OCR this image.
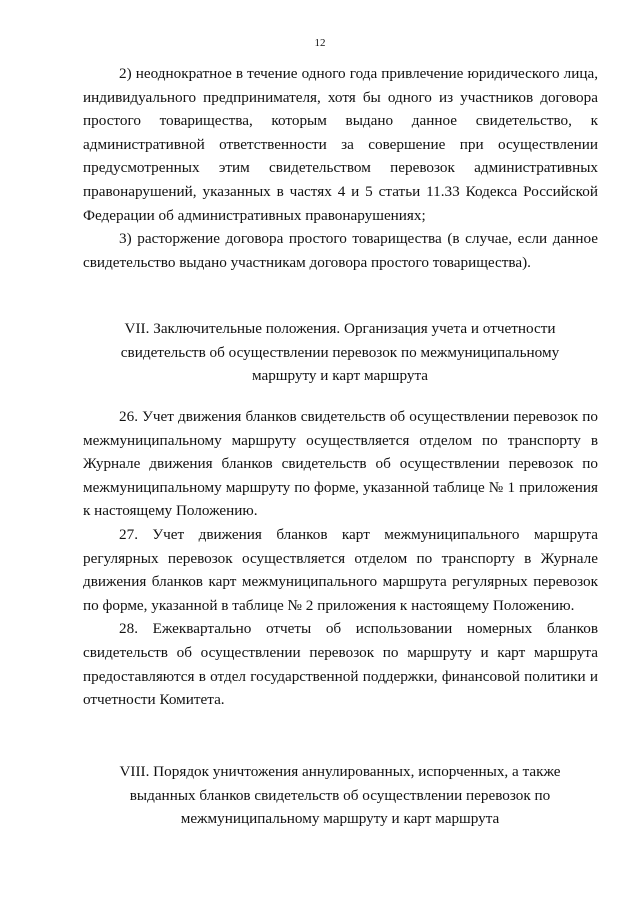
12

2) неоднократное в течение одного года привлечение юридического лица, индивидуального предпринимателя, хотя бы одного из участников договора простого товарищества, которым выдано данное свидетельство, к административной ответственности за совершение при осуществлении предусмотренных этим свидетельством перевозок административных правонарушений, указанных в частях 4 и 5 статьи 11.33 Кодекса Российской Федерации об административных правонарушениях;

3) расторжение договора простого товарищества (в случае, если данное свидетельство выдано участникам договора простого товарищества).

VII. Заключительные положения. Организация учета и отчетности свидетельств об осуществлении перевозок по межмуниципальному маршруту и карт маршрута

26. Учет движения бланков свидетельств об осуществлении перевозок по межмуниципальному маршруту осуществляется отделом по транспорту в Журнале движения бланков свидетельств об осуществлении перевозок по межмуниципальному маршруту по форме, указанной таблице № 1 приложения к настоящему Положению.

27. Учет движения бланков карт межмуниципального маршрута регулярных перевозок осуществляется отделом по транспорту в Журнале движения бланков карт межмуниципального маршрута регулярных перевозок по форме, указанной в таблице № 2 приложения к настоящему Положению.

28. Ежеквартально отчеты об использовании номерных бланков свидетельств об осуществлении перевозок по маршруту и карт маршрута предоставляются в отдел государственной поддержки, финансовой политики и отчетности Комитета.

VIII. Порядок уничтожения аннулированных, испорченных, а также выданных бланков свидетельств об осуществлении перевозок по межмуниципальному маршруту и карт маршрута
